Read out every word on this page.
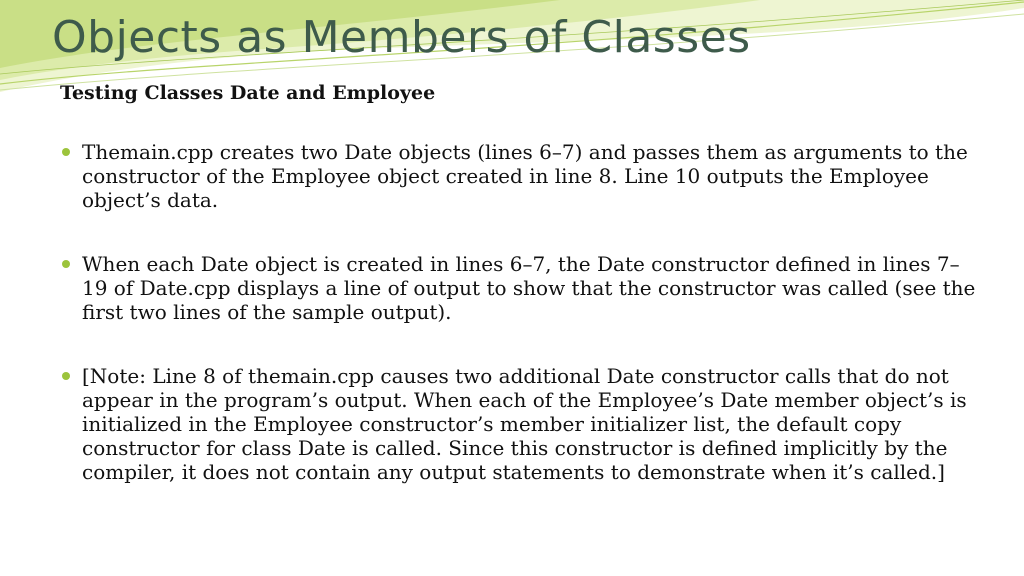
Objects as Members of Classes
Testing Classes Date and Employee
Themain.cpp creates two Date objects (lines 6–7) and passes them as arguments to the constructor of the Employee object created in line 8. Line 10 outputs the Employee object’s data.
When each Date object is created in lines 6–7, the Date constructor defined in lines 7–19 of Date.cpp displays a line of output to show that the constructor was called (see the first two lines of the sample output).
[Note: Line 8 of themain.cpp causes two additional Date constructor calls that do not appear in the program’s output. When each of the Employee’s Date member object’s is initialized in the Employee constructor’s member initializer list, the default copy constructor for class Date is called. Since this constructor is defined implicitly by the compiler, it does not contain any output statements to demonstrate when it’s called.]
